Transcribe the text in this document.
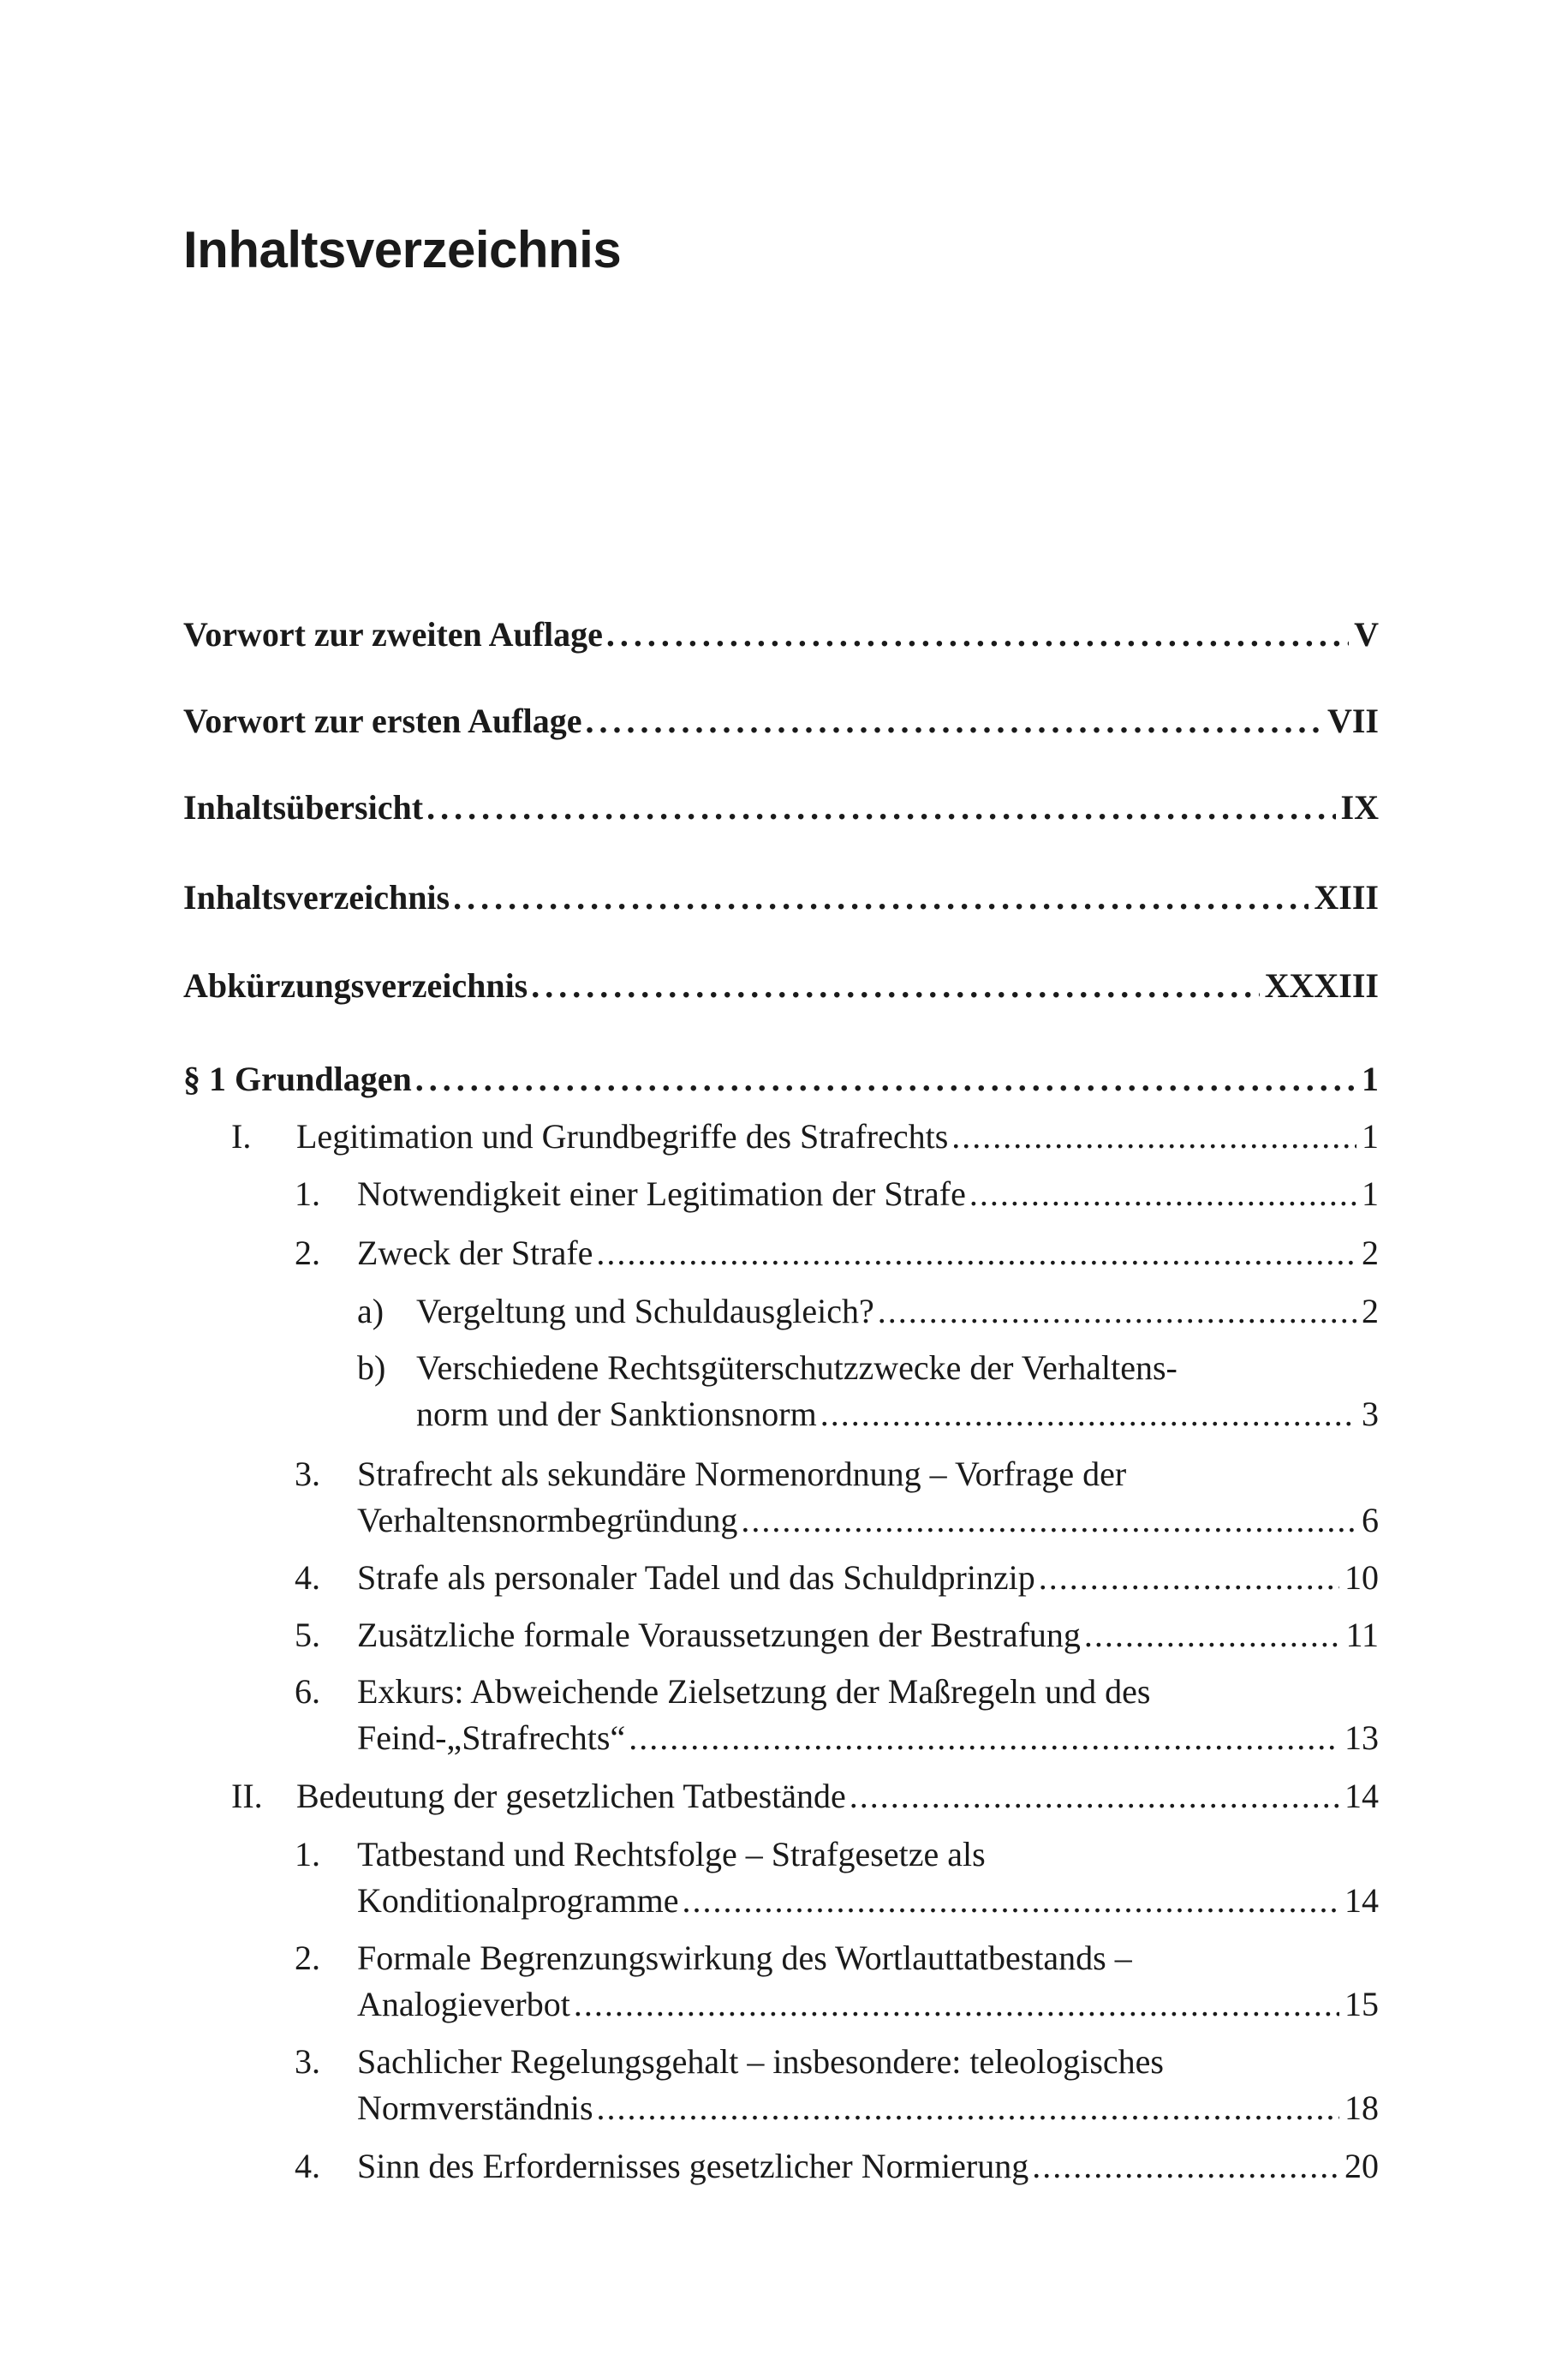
Inhaltsverzeichnis
Vorwort zur zweiten Auflage . . .	V
Vorwort zur ersten Auflage . . .	VII
Inhaltsübersicht . . .	IX
Inhaltsverzeichnis . . .	XIII
Abkürzungsverzeichnis . . .	XXXIII
§ 1 Grundlagen . . .	1
I. Legitimation und Grundbegriffe des Strafrechts . . .	1
1. Notwendigkeit einer Legitimation der Strafe . . .	1
2. Zweck der Strafe . . .	2
a) Vergeltung und Schuldausgleich? . . .	2
b) Verschiedene Rechtsgüterschutzzwecke der Verhaltens-
norm und der Sanktionsnorm . . .	3
3. Strafrecht als sekundäre Normenordnung – Vorfrage der
Verhaltensnormbegründung . . .	6
4. Strafe als personaler Tadel und das Schuldprinzip . . .	10
5. Zusätzliche formale Voraussetzungen der Bestrafung . . .	11
6. Exkurs: Abweichende Zielsetzung der Maßregeln und des
Feind-„Strafrechts“ . . .	13
II. Bedeutung der gesetzlichen Tatbestände . . .	14
1. Tatbestand und Rechtsfolge – Strafgesetze als
Konditionalprogramme . . .	14
2. Formale Begrenzungswirkung des Wortlauttatbestands –
Analogieverbot . . .	15
3. Sachlicher Regelungsgehalt – insbesondere: teleologisches
Normverständnis . . .	18
4. Sinn des Erfordernisses gesetzlicher Normierung . . .	20
